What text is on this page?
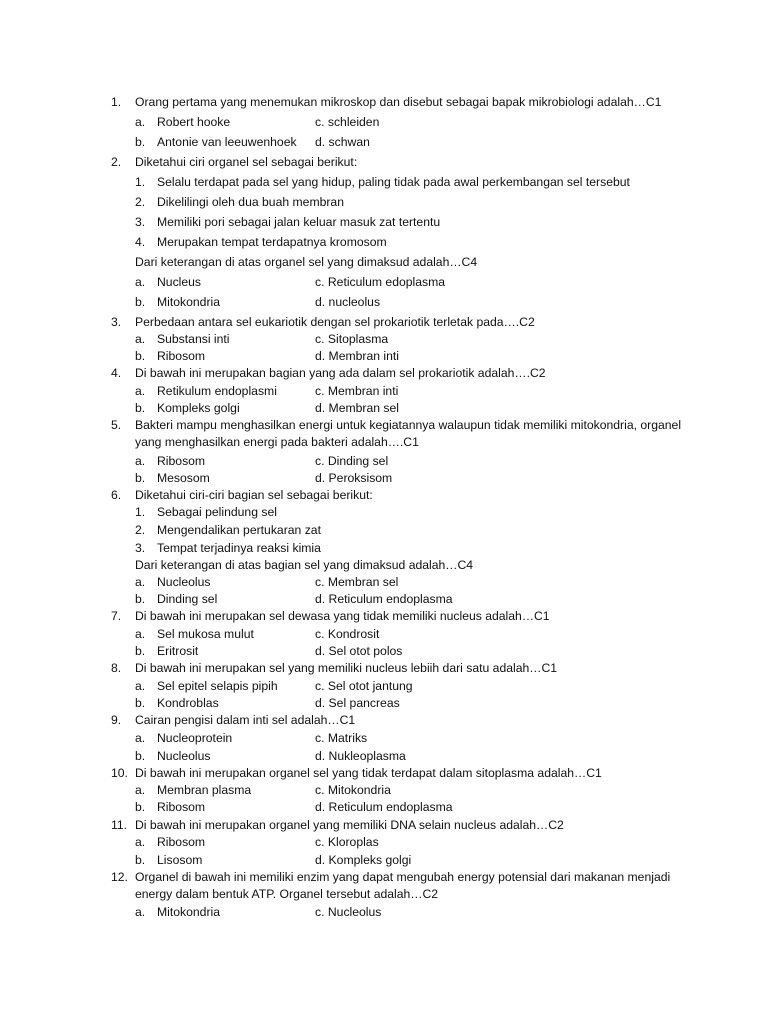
1.	Orang pertama yang menemukan mikroskop dan disebut sebagai bapak mikrobiologi adalah…C1
a. Robert hooke	c. schleiden
b. Antonie van leeuwenhoek d. schwan
2.	Diketahui ciri organel sel sebagai berikut:
1. Selalu terdapat pada sel yang hidup, paling tidak pada awal perkembangan sel tersebut
2. Dikelilingi oleh dua buah membran
3. Memiliki pori sebagai jalan keluar masuk zat tertentu
4. Merupakan tempat terdapatnya kromosom
Dari keterangan di atas organel sel yang dimaksud adalah…C4
a. Nucleus	c. Reticulum edoplasma
b. Mitokondria	d. nucleolus
3.	Perbedaan antara sel eukariotik dengan sel prokariotik terletak pada….C2
a. Substansi inti	c. Sitoplasma
b. Ribosom	d. Membran inti
4.	Di bawah ini merupakan bagian yang ada dalam sel prokariotik adalah….C2
a. Retikulum endoplasmi	c. Membran inti
b. Kompleks golgi	d. Membran sel
5.	Bakteri mampu menghasilkan energi untuk kegiatannya walaupun tidak memiliki mitokondria, organel yang menghasilkan energi pada bakteri adalah….C1
a. Ribosom	c. Dinding sel
b. Mesosom	d. Peroksisom
6.	Diketahui ciri-ciri bagian sel sebagai berikut:
1. Sebagai pelindung sel
2. Mengendalikan pertukaran zat
3. Tempat terjadinya reaksi kimia
Dari keterangan di atas bagian sel yang dimaksud adalah…C4
a. Nucleolus	c. Membran sel
b. Dinding sel	d. Reticulum endoplasma
7.	Di bawah ini merupakan sel dewasa yang tidak memiliki nucleus adalah…C1
a. Sel mukosa mulut	c. Kondrosit
b. Eritrosit	d. Sel otot polos
8.	Di bawah ini merupakan sel yang memiliki nucleus lebiih dari satu adalah…C1
a. Sel epitel selapis pipih	c. Sel otot jantung
b. Kondroblas	d. Sel pancreas
9.	Cairan pengisi dalam inti sel adalah…C1
a. Nucleoprotein	c. Matriks
b. Nucleolus	d. Nukleoplasma
10. Di bawah ini merupakan organel sel yang tidak terdapat dalam sitoplasma adalah…C1
a. Membran plasma	c. Mitokondria
b. Ribosom	d. Reticulum endoplasma
11. Di bawah ini merupakan organel yang memiliki DNA selain nucleus adalah…C2
a. Ribosom	c. Kloroplas
b. Lisosom	d. Kompleks golgi
12. Organel di bawah ini memiliki enzim yang dapat mengubah energy potensial dari makanan menjadi energy dalam bentuk ATP. Organel tersebut adalah…C2
a. Mitokondria	c. Nucleolus
